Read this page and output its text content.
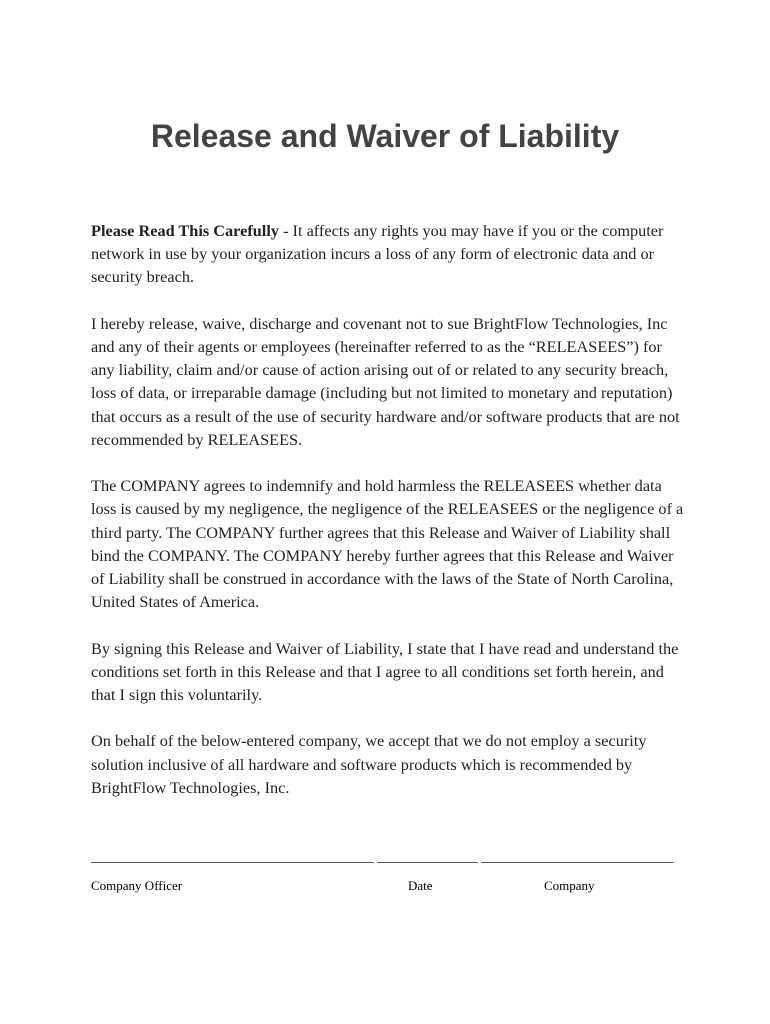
Release and Waiver of Liability

Please Read This Carefully - It affects any rights you may have if you or the computer network in use by your organization incurs a loss of any form of electronic data and or security breach.

I hereby release, waive, discharge and covenant not to sue BrightFlow Technologies, Inc and any of their agents or employees (hereinafter referred to as the “RELEASEES”) for any liability, claim and/or cause of action arising out of or related to any security breach, loss of data, or irreparable damage (including but not limited to monetary and reputation) that occurs as a result of the use of security hardware and/or software products that are not recommended by RELEASEES.

The COMPANY agrees to indemnify and hold harmless the RELEASEES whether data loss is caused by my negligence, the negligence of the RELEASEES or the negligence of a third party. The COMPANY further agrees that this Release and Waiver of Liability shall bind the COMPANY. The COMPANY hereby further agrees that this Release and Waiver of Liability shall be construed in accordance with the laws of the State of North Carolina, United States of America.

By signing this Release and Waiver of Liability, I state that I have read and understand the conditions set forth in this Release and that I agree to all conditions set forth herein, and that I sign this voluntarily.

On behalf of the below-entered company, we accept that we do not employ a security solution inclusive of all hardware and software products which is recommended by BrightFlow Technologies, Inc.

Company Officer	Date	Company
